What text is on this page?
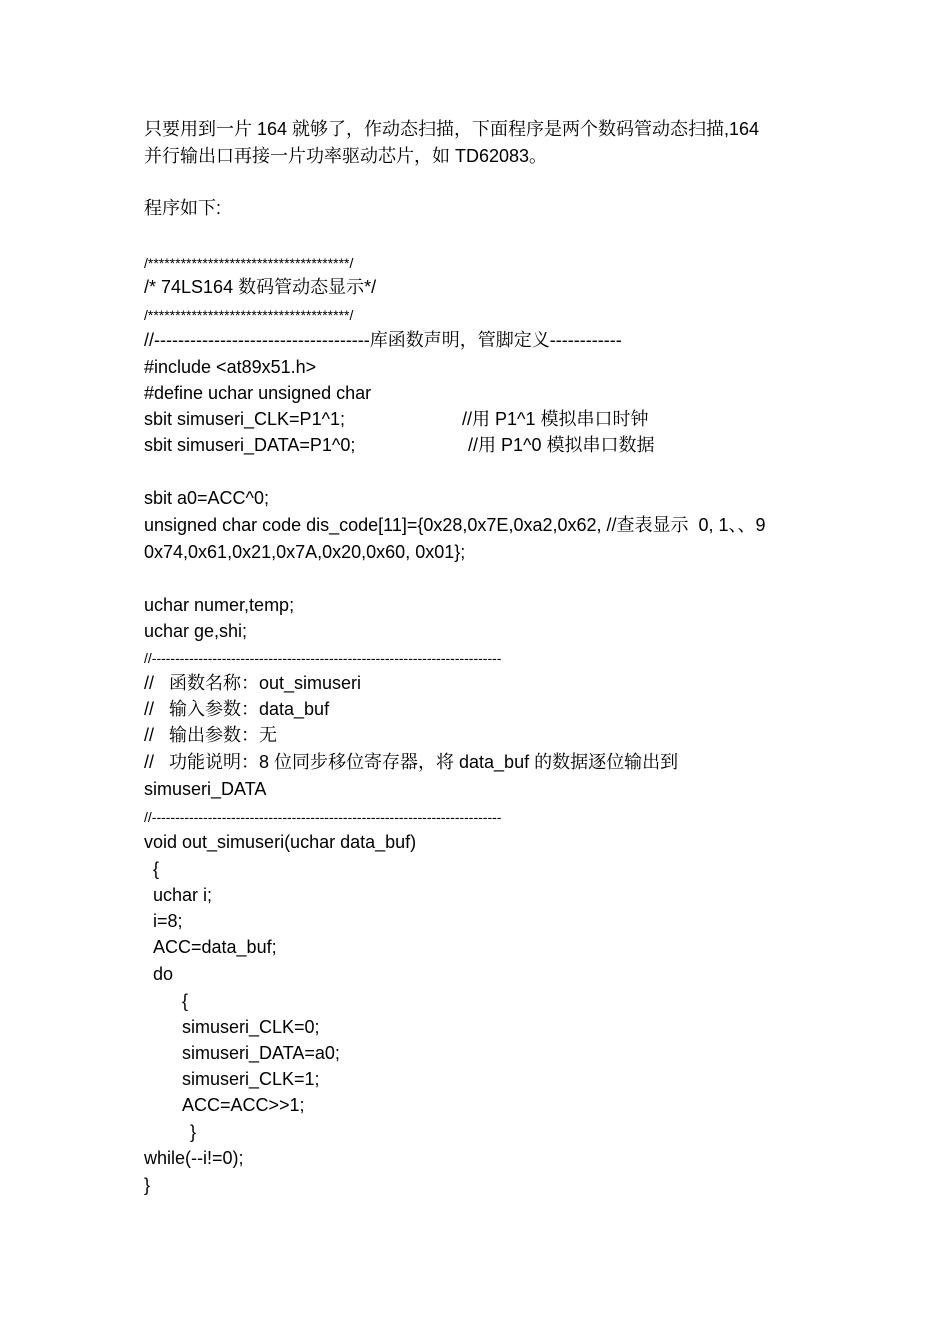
只要用到一片 164 就够了，作动态扫描，下面程序是两个数码管动态扫描,164
并行输出口再接一片功率驱动芯片，如 TD62083。
程序如下:
/*************************************/
/* 74LS164 数码管动态显示*/
/*************************************/
//------------------------------------库函数声明，管脚定义------------
#include <at89x51.h>
#define uchar unsigned char
sbit simuseri_CLK=P1^1;	//用 P1^1 模拟串口时钟
sbit simuseri_DATA=P1^0;	//用 P1^0 模拟串口数据
sbit a0=ACC^0;
unsigned char code dis_code[11]={0x28,0x7E,0xa2,0x62, //查表显示  0, 1、、9
0x74,0x61,0x21,0x7A,0x20,0x60, 0x01};
uchar numer,temp;
uchar ge,shi;
//---------------------------------------------------------------------------
//   函数名称：out_simuseri
//   输入参数：data_buf
//   输出参数：无
//   功能说明：8 位同步移位寄存器，将 data_buf 的数据逐位输出到
simuseri_DATA
//---------------------------------------------------------------------------
void out_simuseri(uchar data_buf)
{
uchar i;
i=8;
ACC=data_buf;
do
{
simuseri_CLK=0;
simuseri_DATA=a0;
simuseri_CLK=1;
ACC=ACC>>1;
}
while(--i!=0);
}
